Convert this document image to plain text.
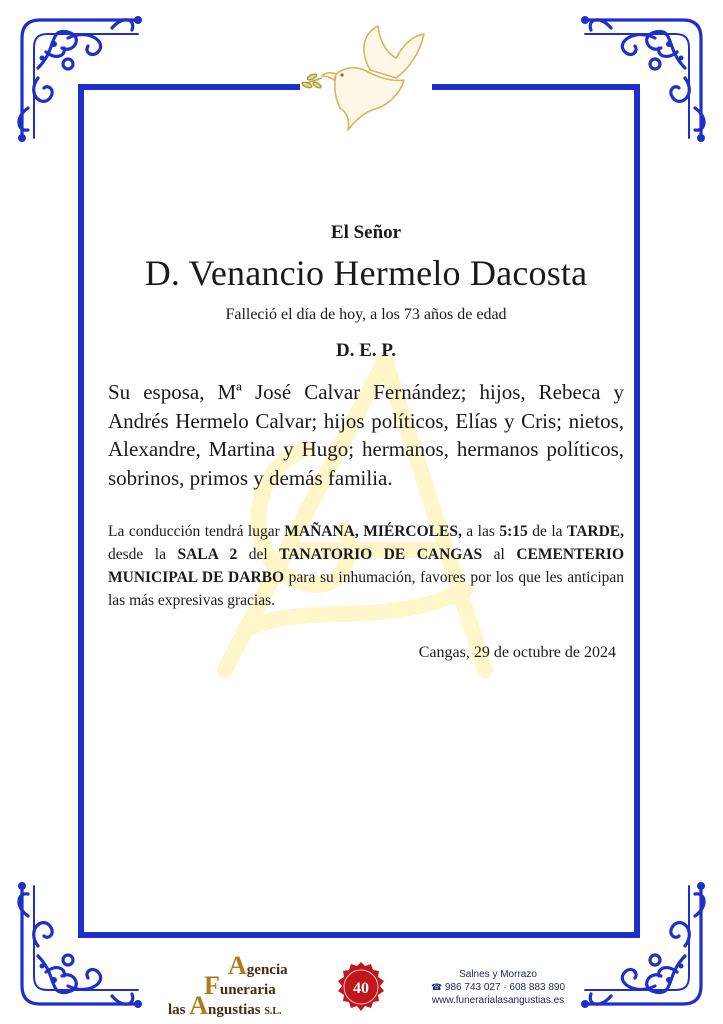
El Señor

D. Venancio Hermelo Dacosta

Falleció el día de hoy, a los 73 años de edad

D. E. P.

Su esposa, Mª José Calvar Fernández; hijos, Rebeca y Andrés Hermelo Calvar; hijos políticos, Elías y Cris; nietos, Alexandre, Martina y Hugo; hermanos, hermanos políticos, sobrinos, primos y demás familia.

La conducción tendrá lugar MAÑANA, MIÉRCOLES, a las 5:15 de la TARDE, desde la SALA 2 del TANATORIO DE CANGAS al CEMENTERIO MUNICIPAL DE DARBO para su inhumación, favores por los que les anticipan las más expresivas gracias.

Cangas, 29 de octubre de 2024

Agencia
Funeraria
las Angustias S.L.
40
Salnes y Morrazo
☎ 986 743 027 · 608 883 890
www.funerarialasangustias.es
